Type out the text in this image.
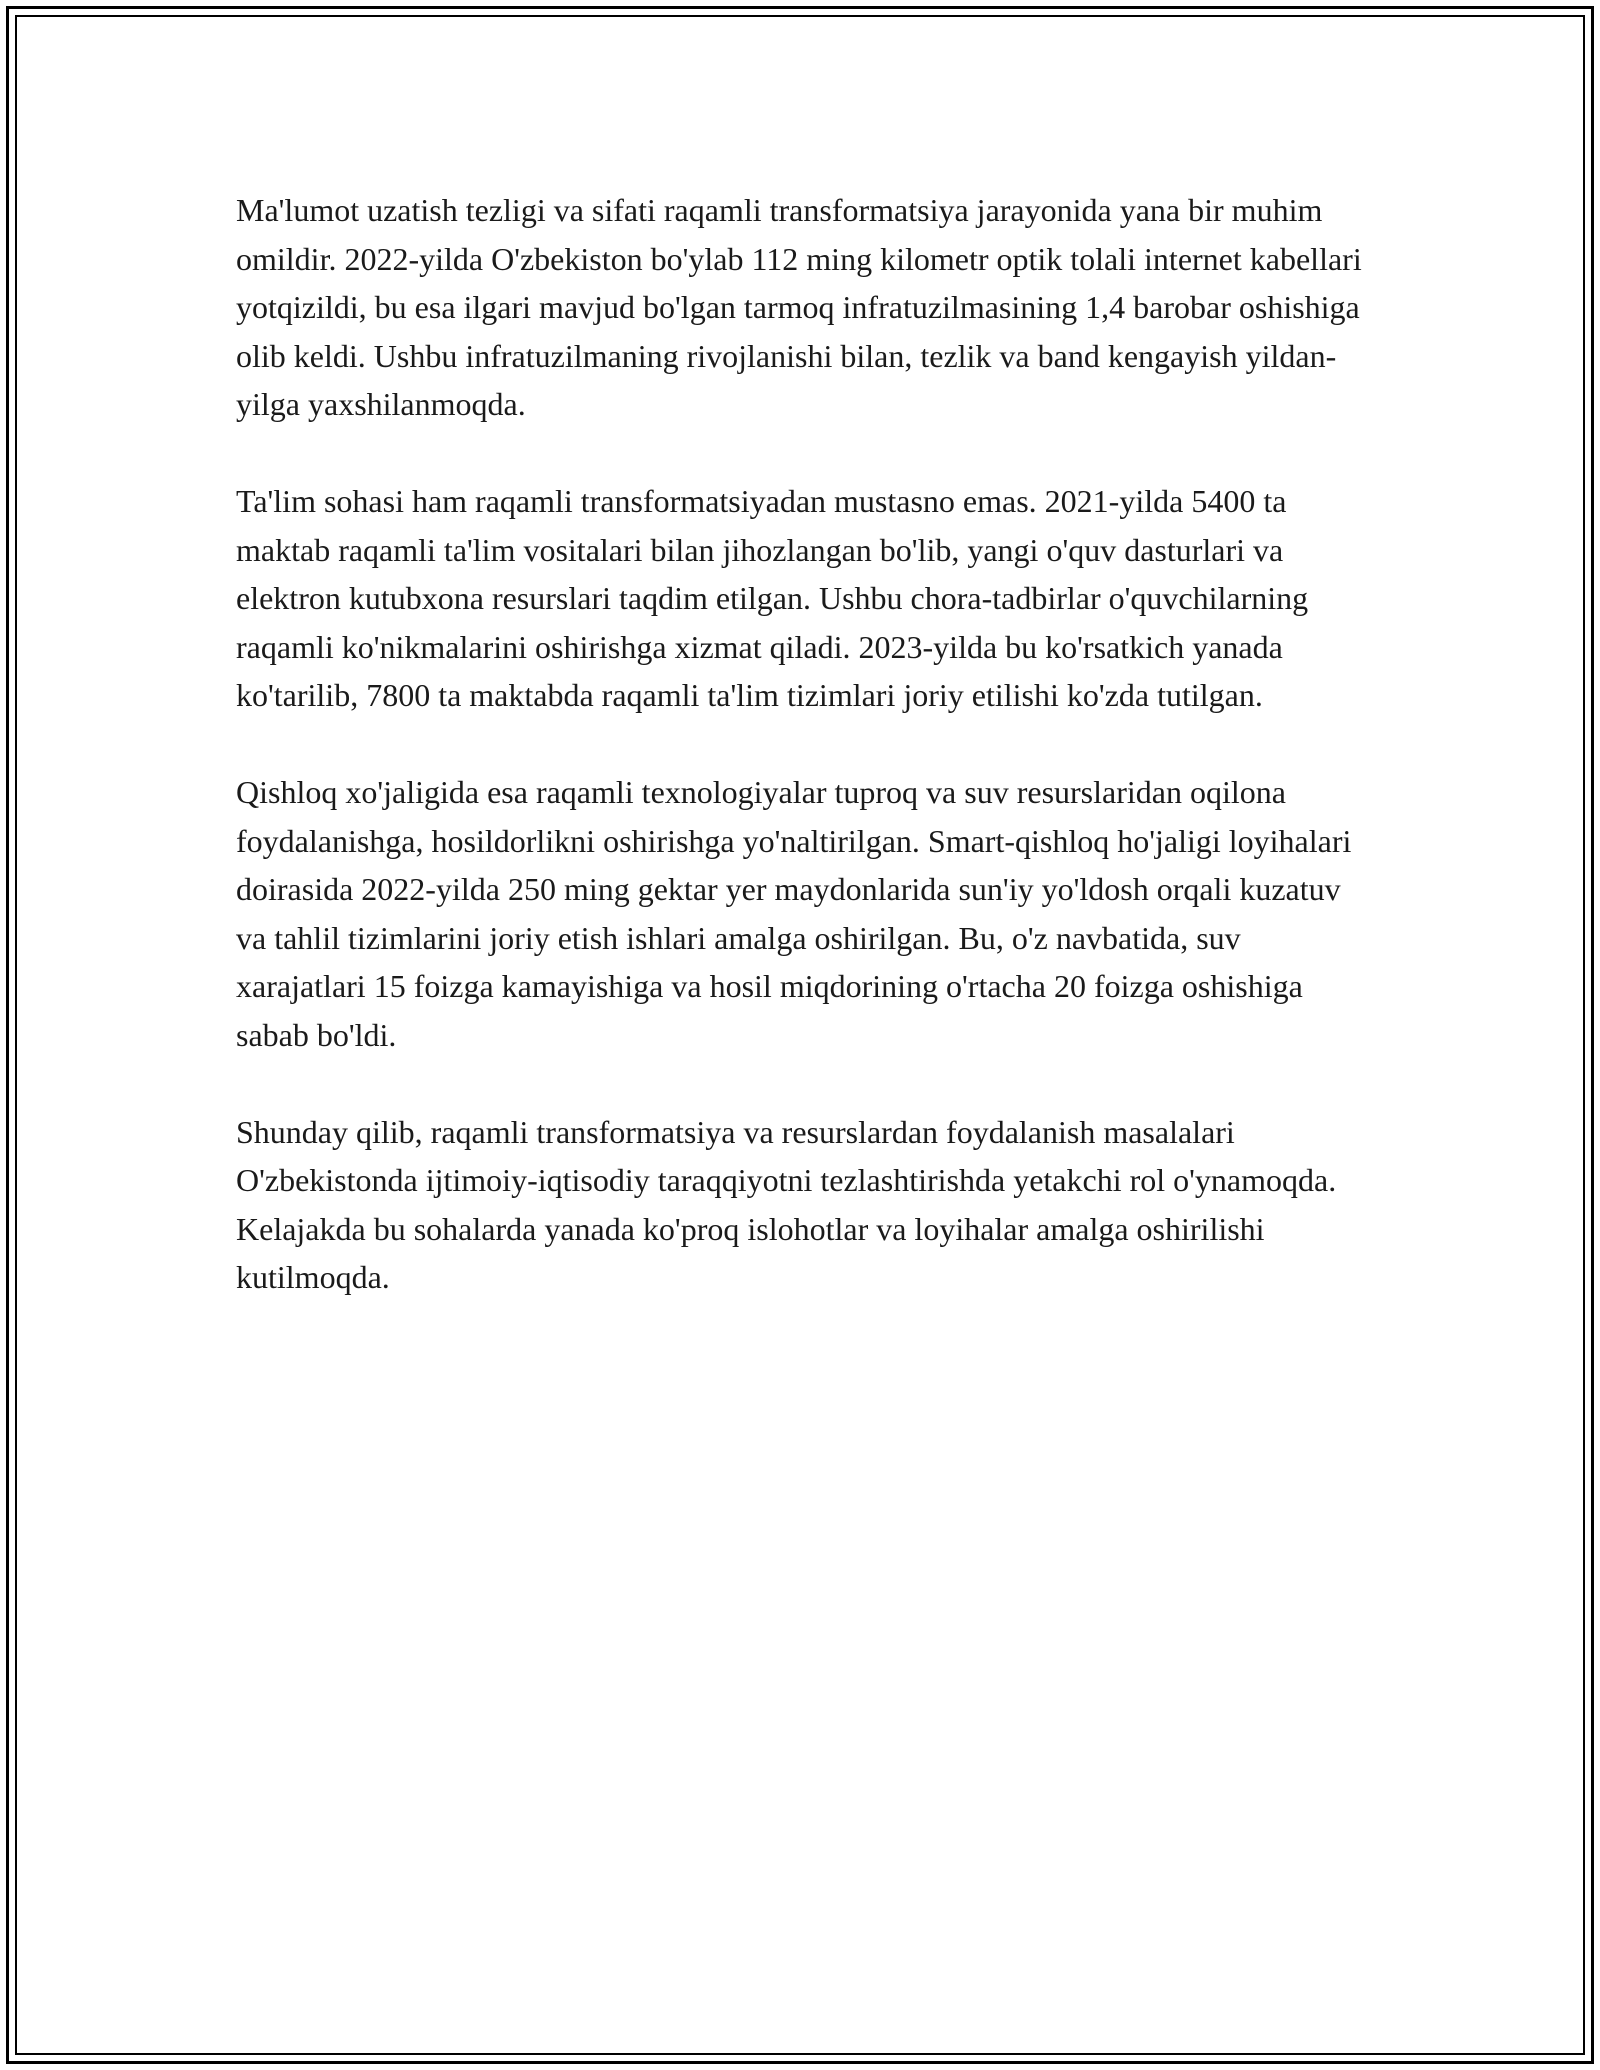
Ma'lumot uzatish tezligi va sifati raqamli transformatsiya jarayonida yana bir muhim omildir. 2022-yilda O'zbekiston bo'ylab 112 ming kilometr optik tolali internet kabellari yotqizildi, bu esa ilgari mavjud bo'lgan tarmoq infratuzilmasining 1,4 barobar oshishiga olib keldi. Ushbu infratuzilmaning rivojlanishi bilan, tezlik va band kengayish yildan-yilga yaxshilanmoqda.

Ta'lim sohasi ham raqamli transformatsiyadan mustasno emas. 2021-yilda 5400 ta maktab raqamli ta'lim vositalari bilan jihozlangan bo'lib, yangi o'quv dasturlari va elektron kutubxona resurslari taqdim etilgan. Ushbu chora-tadbirlar o'quvchilarning raqamli ko'nikmalarini oshirishga xizmat qiladi. 2023-yilda bu ko'rsatkich yanada ko'tarilib, 7800 ta maktabda raqamli ta'lim tizimlari joriy etilishi ko'zda tutilgan.

Qishloq xo'jaligida esa raqamli texnologiyalar tuproq va suv resurslaridan oqilona foydalanishga, hosildorlikni oshirishga yo'naltirilgan. Smart-qishloq ho'jaligi loyihalari doirasida 2022-yilda 250 ming gektar yer maydonlarida sun'iy yo'ldosh orqali kuzatuv va tahlil tizimlarini joriy etish ishlari amalga oshirilgan. Bu, o'z navbatida, suv xarajatlari 15 foizga kamayishiga va hosil miqdorining o'rtacha 20 foizga oshishiga sabab bo'ldi.

Shunday qilib, raqamli transformatsiya va resurslardan foydalanish masalalari O'zbekistonda ijtimoiy-iqtisodiy taraqqiyotni tezlashtirishda yetakchi rol o'ynamoqda. Kelajakda bu sohalarda yanada ko'proq islohotlar va loyihalar amalga oshirilishi kutilmoqda.
